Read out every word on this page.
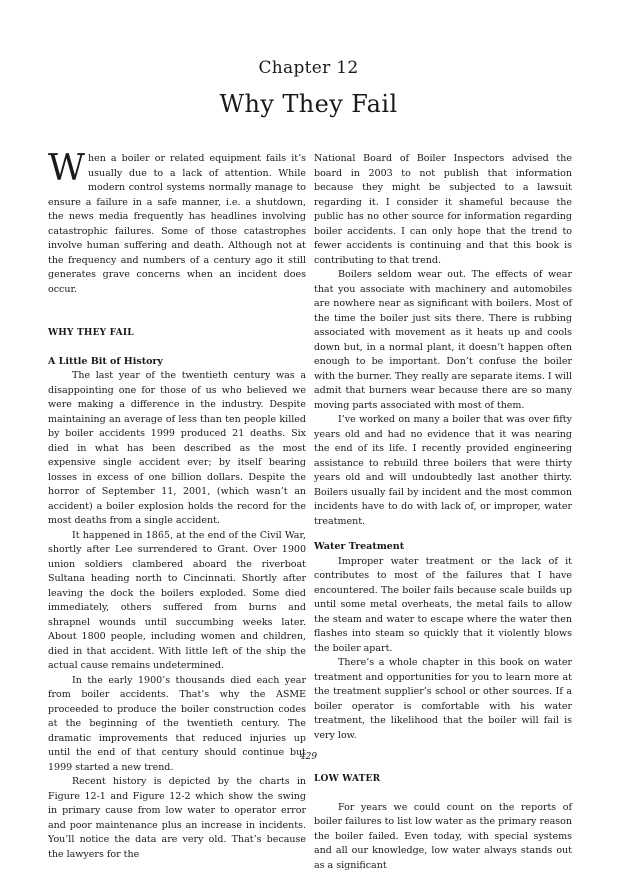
Chapter 12
Why They Fail

When a boiler or related equipment fails it’s usually due to a lack of attention. While modern control systems normally manage to ensure a failure in a safe manner, i.e. a shutdown, the news media frequently has headlines involving catastrophic failures. Some of those catastrophes involve human suffering and death. Although not at the frequency and numbers of a century ago it still generates grave concerns when an incident does occur.

WHY THEY FAIL

A Little Bit of History

The last year of the twentieth century was a disappointing one for those of us who believed we were making a difference in the industry. Despite maintaining an average of less than ten people killed by boiler accidents 1999 produced 21 deaths. Six died in what has been described as the most expensive single accident ever; by itself bearing losses in excess of one billion dollars. Despite the horror of September 11, 2001, (which wasn’t an accident) a boiler explosion holds the record for the most deaths from a single accident.

It happened in 1865, at the end of the Civil War, shortly after Lee surrendered to Grant. Over 1900 union soldiers clambered aboard the riverboat Sultana heading north to Cincinnati. Shortly after leaving the dock the boilers exploded. Some died immediately, others suffered from burns and shrapnel wounds until succumbing weeks later. About 1800 people, including women and children, died in that accident. With little left of the ship the actual cause remains undetermined.

In the early 1900’s thousands died each year from boiler accidents. That’s why the ASME proceeded to produce the boiler construction codes at the beginning of the twentieth century. The dramatic improvements that reduced injuries up until the end of that century should continue but 1999 started a new trend.

Recent history is depicted by the charts in Figure 12-1 and Figure 12-2 which show the swing in primary cause from low water to operator error and poor maintenance plus an increase in incidents. You’ll notice the data are very old. That’s because the lawyers for the

National Board of Boiler Inspectors advised the board in 2003 to not publish that information because they might be subjected to a lawsuit regarding it. I consider it shameful because the public has no other source for information regarding boiler accidents. I can only hope that the trend to fewer accidents is continuing and that this book is contributing to that trend.

Boilers seldom wear out. The effects of wear that you associate with machinery and automobiles are nowhere near as significant with boilers. Most of the time the boiler just sits there. There is rubbing associated with movement as it heats up and cools down but, in a normal plant, it doesn’t happen often enough to be important. Don’t confuse the boiler with the burner. They really are separate items. I will admit that burners wear because there are so many moving parts associated with most of them.

I’ve worked on many a boiler that was over fifty years old and had no evidence that it was nearing the end of its life. I recently provided engineering assistance to rebuild three boilers that were thirty years old and will undoubtedly last another thirty. Boilers usually fail by incident and the most common incidents have to do with lack of, or improper, water treatment.

Water Treatment

Improper water treatment or the lack of it contributes to most of the failures that I have encountered. The boiler fails because scale builds up until some metal overheats, the metal fails to allow the steam and water to escape where the water then flashes into steam so quickly that it violently blows the boiler apart.

There’s a whole chapter in this book on water treatment and opportunities for you to learn more at the treatment supplier’s school or other sources. If a boiler operator is comfortable with his water treatment, the likelihood that the boiler will fail is very low.

LOW WATER

For years we could count on the reports of boiler failures to list low water as the primary reason the boiler failed. Even today, with special systems and all our knowledge, low water always stands out as a significant

429
